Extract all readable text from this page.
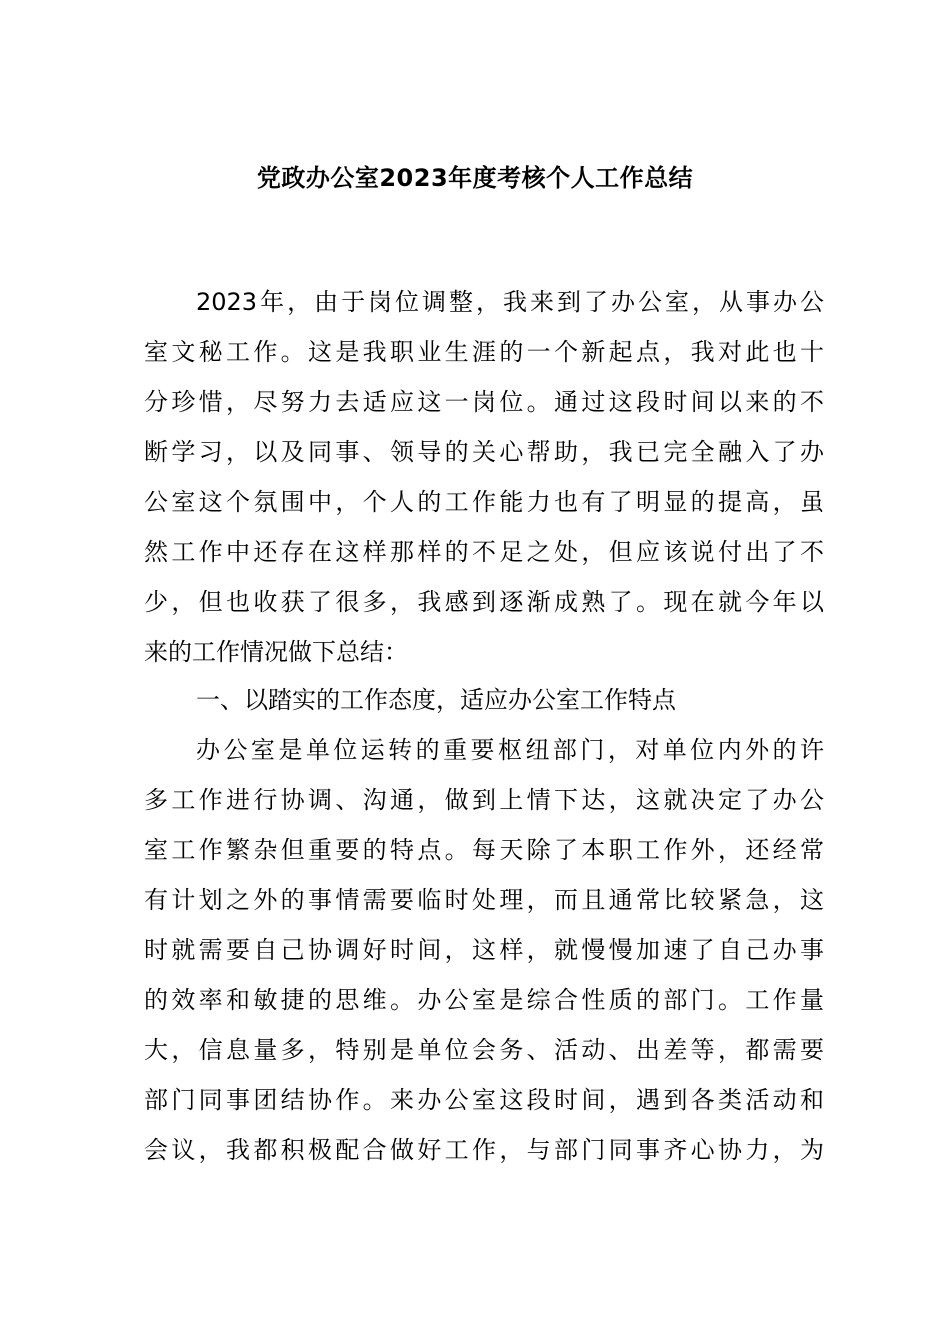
党政办公室2023年度考核个人工作总结
2023年，由于岗位调整，我来到了办公室，从事办公
室文秘工作。这是我职业生涯的一个新起点，我对此也十
分珍惜，尽努力去适应这一岗位。通过这段时间以来的不
断学习，以及同事、领导的关心帮助，我已完全融入了办
公室这个氛围中，个人的工作能力也有了明显的提高，虽
然工作中还存在这样那样的不足之处，但应该说付出了不
少，但也收获了很多，我感到逐渐成熟了。现在就今年以
来的工作情况做下总结：
一、以踏实的工作态度，适应办公室工作特点
办公室是单位运转的重要枢纽部门，对单位内外的许
多工作进行协调、沟通，做到上情下达，这就决定了办公
室工作繁杂但重要的特点。每天除了本职工作外，还经常
有计划之外的事情需要临时处理，而且通常比较紧急，这
时就需要自己协调好时间，这样，就慢慢加速了自己办事
的效率和敏捷的思维。办公室是综合性质的部门。工作量
大，信息量多，特别是单位会务、活动、出差等，都需要
部门同事团结协作。来办公室这段时间，遇到各类活动和
会议，我都积极配合做好工作，与部门同事齐心协力，为
